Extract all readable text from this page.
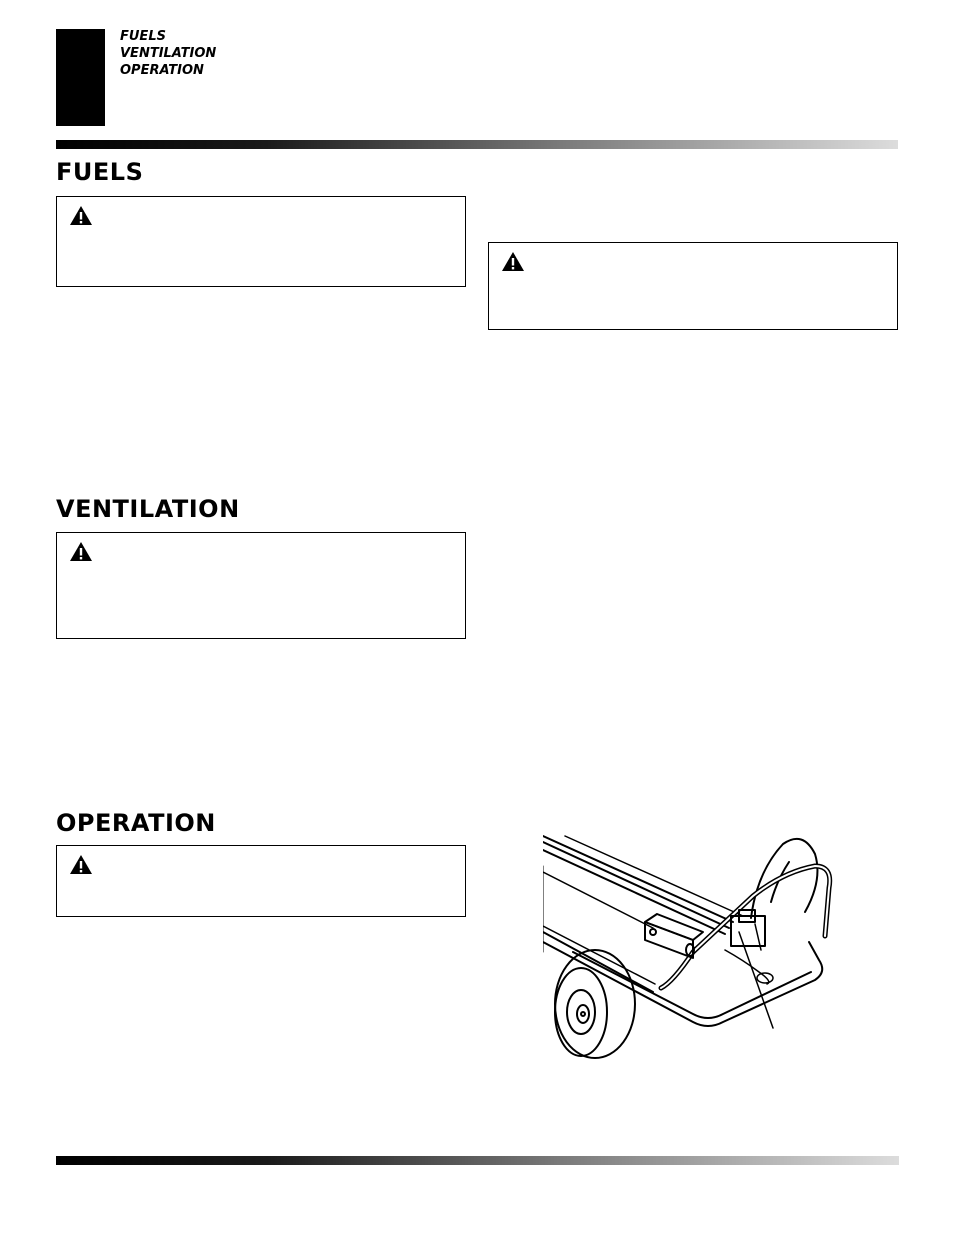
FUELS
VENTILATION
OPERATION
FUELS
VENTILATION
OPERATION
